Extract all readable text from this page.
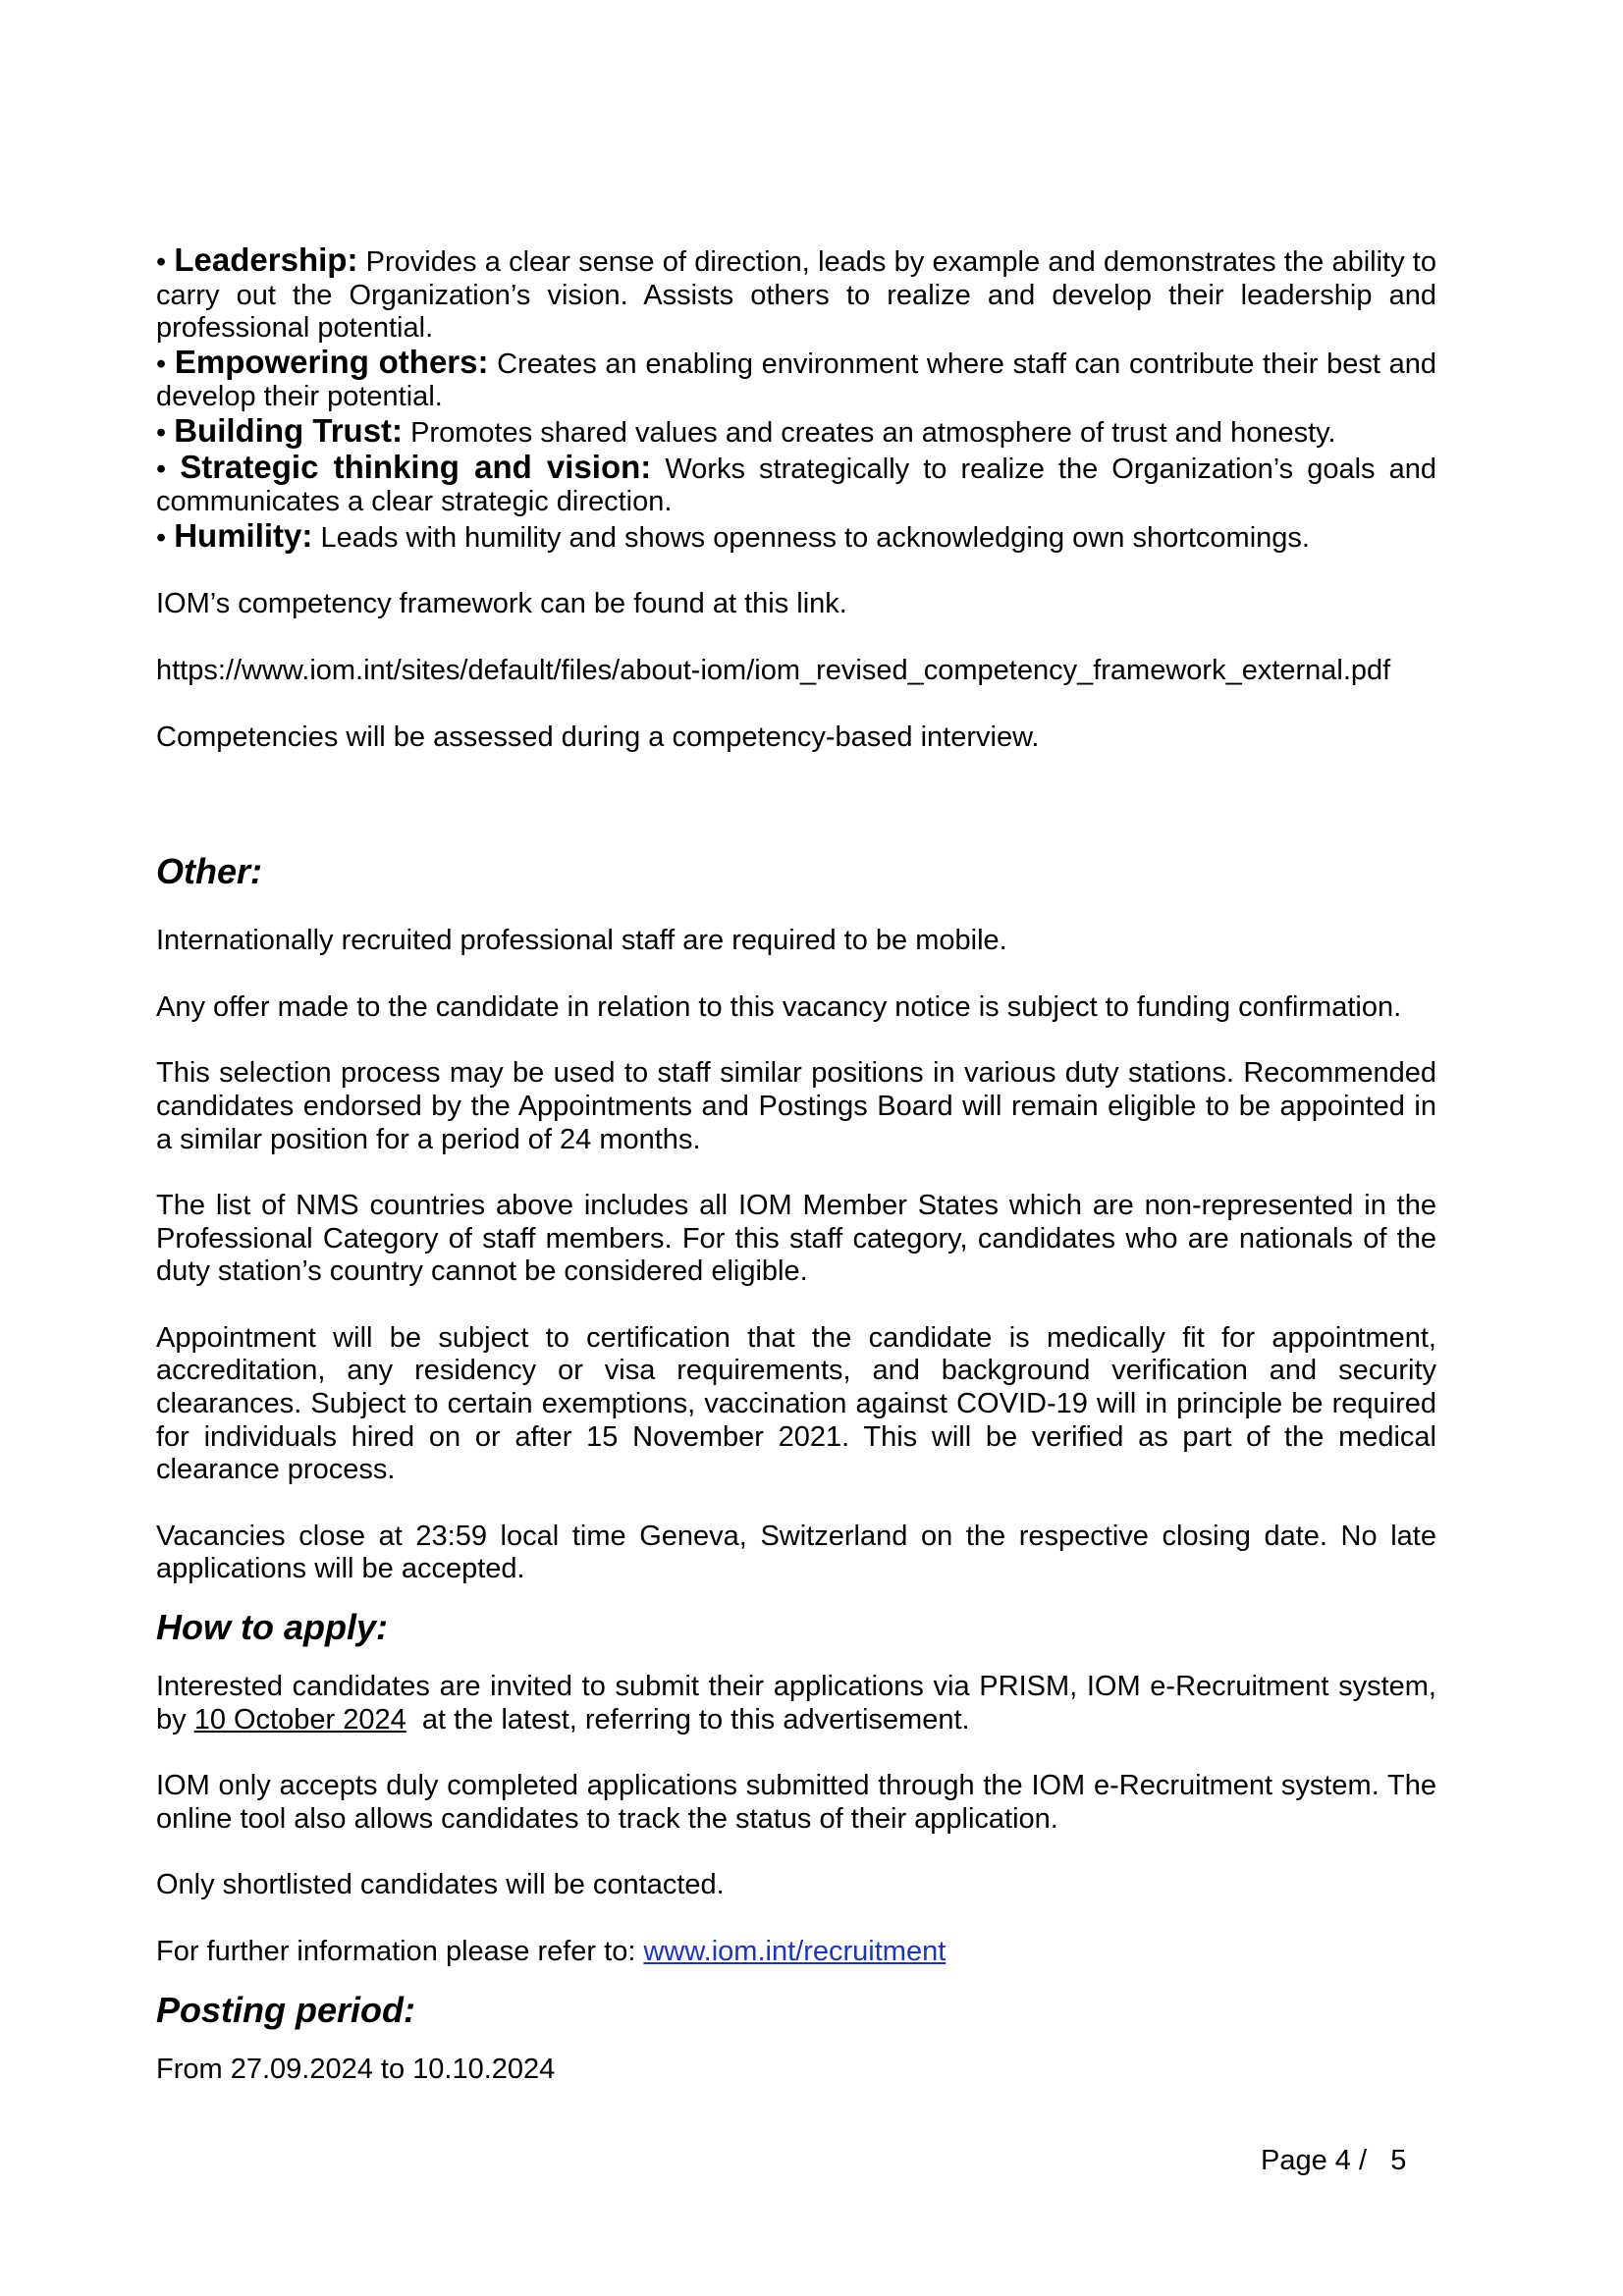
• Leadership: Provides a clear sense of direction, leads by example and demonstrates the ability to carry out the Organization’s vision. Assists others to realize and develop their leadership and professional potential.

• Empowering others: Creates an enabling environment where staff can contribute their best and develop their potential.

• Building Trust: Promotes shared values and creates an atmosphere of trust and honesty.

• Strategic thinking and vision: Works strategically to realize the Organization’s goals and communicates a clear strategic direction.

• Humility: Leads with humility and shows openness to acknowledging own shortcomings.

IOM’s competency framework can be found at this link.

https://www.iom.int/sites/default/files/about-iom/iom_revised_competency_framework_external.pdf

Competencies will be assessed during a competency-based interview.

Other:

Internationally recruited professional staff are required to be mobile.

Any offer made to the candidate in relation to this vacancy notice is subject to funding confirmation.

This selection process may be used to staff similar positions in various duty stations. Recommended candidates endorsed by the Appointments and Postings Board will remain eligible to be appointed in a similar position for a period of 24 months.

The list of NMS countries above includes all IOM Member States which are non-represented in the Professional Category of staff members. For this staff category, candidates who are nationals of the duty station’s country cannot be considered eligible.

Appointment will be subject to certification that the candidate is medically fit for appointment, accreditation, any residency or visa requirements, and background verification and security clearances. Subject to certain exemptions, vaccination against COVID-19 will in principle be required for individuals hired on or after 15 November 2021. This will be verified as part of the medical clearance process.

Vacancies close at 23:59 local time Geneva, Switzerland on the respective closing date. No late applications will be accepted.

How to apply:

Interested candidates are invited to submit their applications via PRISM, IOM e-Recruitment system, by 10 October 2024  at the latest, referring to this advertisement.

IOM only accepts duly completed applications submitted through the IOM e-Recruitment system. The online tool also allows candidates to track the status of their application.

Only shortlisted candidates will be contacted.

For further information please refer to: www.iom.int/recruitment

Posting period:

From 27.09.2024 to 10.10.2024

Page 4 /   5
